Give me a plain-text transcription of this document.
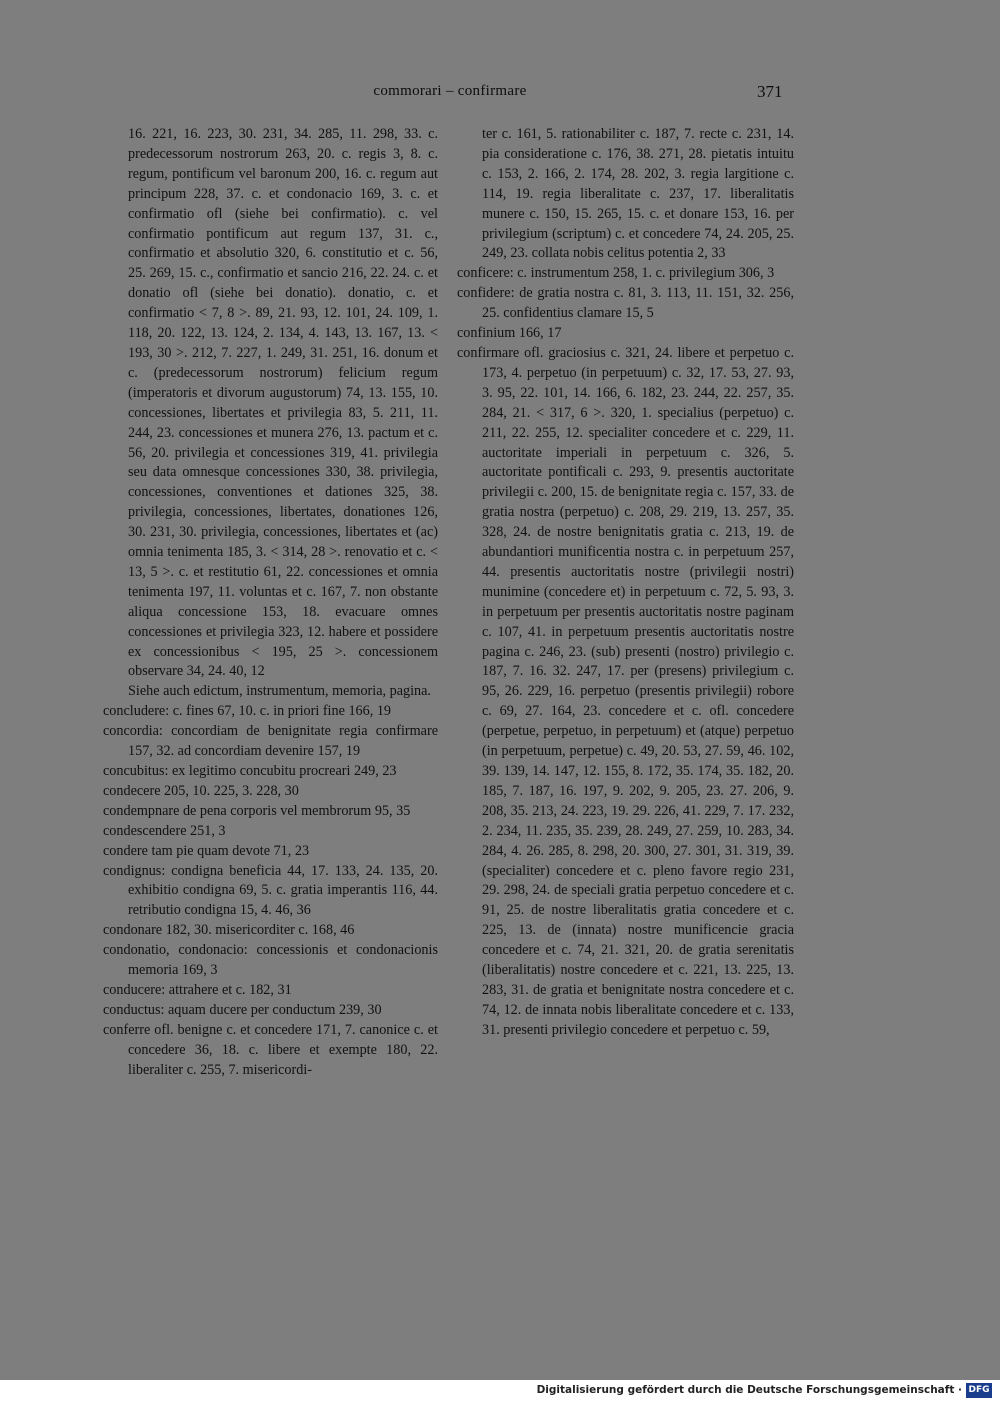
commorari – confirmare	371

16. 221, 16. 223, 30. 231, 34. 285, 11. 298, 33. c. predecessorum nostrorum 263, 20. c. regis 3, 8. c. regum, pontificum vel baronum 200, 16. c. regum aut principum 228, 37. c. et condonacio 169, 3. c. et confirmatio ofl (siehe bei confirmatio). c. vel confirmatio pontificum aut regum 137, 31. c., confirmatio et absolutio 320, 6. constitutio et c. 56, 25. 269, 15. c., confirmatio et sancio 216, 22. 24. c. et donatio ofl (siehe bei donatio). donatio, c. et confirmatio < 7, 8 >. 89, 21. 93, 12. 101, 24. 109, 1. 118, 20. 122, 13. 124, 2. 134, 4. 143, 13. 167, 13. < 193, 30 >. 212, 7. 227, 1. 249, 31. 251, 16. donum et c. (predecessorum nostrorum) felicium regum (imperatoris et divorum augustorum) 74, 13. 155, 10. concessiones, libertates et privilegia 83, 5. 211, 11. 244, 23. concessiones et munera 276, 13. pactum et c. 56, 20. privilegia et concessiones 319, 41. privilegia seu data omnesque concessiones 330, 38. privilegia, concessiones, conventiones et dationes 325, 38. privilegia, concessiones, libertates, donationes 126, 30. 231, 30. privilegia, concessiones, libertates et (ac) omnia tenimenta 185, 3. < 314, 28 >. renovatio et c. < 13, 5 >. c. et restitutio 61, 22. concessiones et omnia tenimenta 197, 11. voluntas et c. 167, 7. non obstante aliqua concessione 153, 18. evacuare omnes concessiones et privilegia 323, 12. habere et possidere ex concessionibus < 195, 25 >. concessionem observare 34, 24. 40, 12

Siehe auch edictum, instrumentum, memoria, pagina.

concludere: c. fines 67, 10. c. in priori fine 166, 19

concordia: concordiam de benignitate regia confirmare 157, 32. ad concordiam devenire 157, 19

concubitus: ex legitimo concubitu procreari 249, 23

condecere 205, 10. 225, 3. 228, 30

condempnare de pena corporis vel membrorum 95, 35

condescendere 251, 3

condere tam pie quam devote 71, 23

condignus: condigna beneficia 44, 17. 133, 24. 135, 20. exhibitio condigna 69, 5. c. gratia imperantis 116, 44. retributio condigna 15, 4. 46, 36

condonare 182, 30. misericorditer c. 168, 46

condonatio, condonacio: concessionis et condonacionis memoria 169, 3

conducere: attrahere et c. 182, 31

conductus: aquam ducere per conductum 239, 30

conferre ofl. benigne c. et concedere 171, 7. canonice c. et concedere 36, 18. c. libere et exempte 180, 22. liberaliter c. 255, 7. misericordi-

ter c. 161, 5. rationabiliter c. 187, 7. recte c. 231, 14. pia consideratione c. 176, 38. 271, 28. pietatis intuitu c. 153, 2. 166, 2. 174, 28. 202, 3. regia largitione c. 114, 19. regia liberalitate c. 237, 17. liberalitatis munere c. 150, 15. 265, 15. c. et donare 153, 16. per privilegium (scriptum) c. et concedere 74, 24. 205, 25. 249, 23. collata nobis celitus potentia 2, 33

conficere: c. instrumentum 258, 1. c. privilegium 306, 3

confidere: de gratia nostra c. 81, 3. 113, 11. 151, 32. 256, 25. confidentius clamare 15, 5

confinium 166, 17

confirmare ofl. graciosius c. 321, 24. libere et perpetuo c. 173, 4. perpetuo (in perpetuum) c. 32, 17. 53, 27. 93, 3. 95, 22. 101, 14. 166, 6. 182, 23. 244, 22. 257, 35. 284, 21. < 317, 6 >. 320, 1. specialius (perpetuo) c. 211, 22. 255, 12. specialiter concedere et c. 229, 11. auctoritate imperiali in perpetuum c. 326, 5. auctoritate pontificali c. 293, 9. presentis auctoritate privilegii c. 200, 15. de benignitate regia c. 157, 33. de gratia nostra (perpetuo) c. 208, 29. 219, 13. 257, 35. 328, 24. de nostre benignitatis gratia c. 213, 19. de abundantiori munificentia nostra c. in perpetuum 257, 44. presentis auctoritatis nostre (privilegii nostri) munimine (concedere et) in perpetuum c. 72, 5. 93, 3. in perpetuum per presentis auctoritatis nostre paginam c. 107, 41. in perpetuum presentis auctoritatis nostre pagina c. 246, 23. (sub) presenti (nostro) privilegio c. 187, 7. 16. 32. 247, 17. per (presens) privilegium c. 95, 26. 229, 16. perpetuo (presentis privilegii) robore c. 69, 27. 164, 23. concedere et c. ofl. concedere (perpetue, perpetuo, in perpetuum) et (atque) perpetuo (in perpetuum, perpetue) c. 49, 20. 53, 27. 59, 46. 102, 39. 139, 14. 147, 12. 155, 8. 172, 35. 174, 35. 182, 20. 185, 7. 187, 16. 197, 9. 202, 9. 205, 23. 27. 206, 9. 208, 35. 213, 24. 223, 19. 29. 226, 41. 229, 7. 17. 232, 2. 234, 11. 235, 35. 239, 28. 249, 27. 259, 10. 283, 34. 284, 4. 26. 285, 8. 298, 20. 300, 27. 301, 31. 319, 39. (specialiter) concedere et c. pleno favore regio 231, 29. 298, 24. de speciali gratia perpetuo concedere et c. 91, 25. de nostre liberalitatis gratia concedere et c. 225, 13. de (innata) nostre munificencie gracia concedere et c. 74, 21. 321, 20. de gratia serenitatis (liberalitatis) nostre concedere et c. 221, 13. 225, 13. 283, 31. de gratia et benignitate nostra concedere et c. 74, 12. de innata nobis liberalitate concedere et c. 133, 31. presenti privilegio concedere et perpetuo c. 59,

Digitalisierung gefördert durch die Deutsche Forschungsgemeinschaft · DFG
